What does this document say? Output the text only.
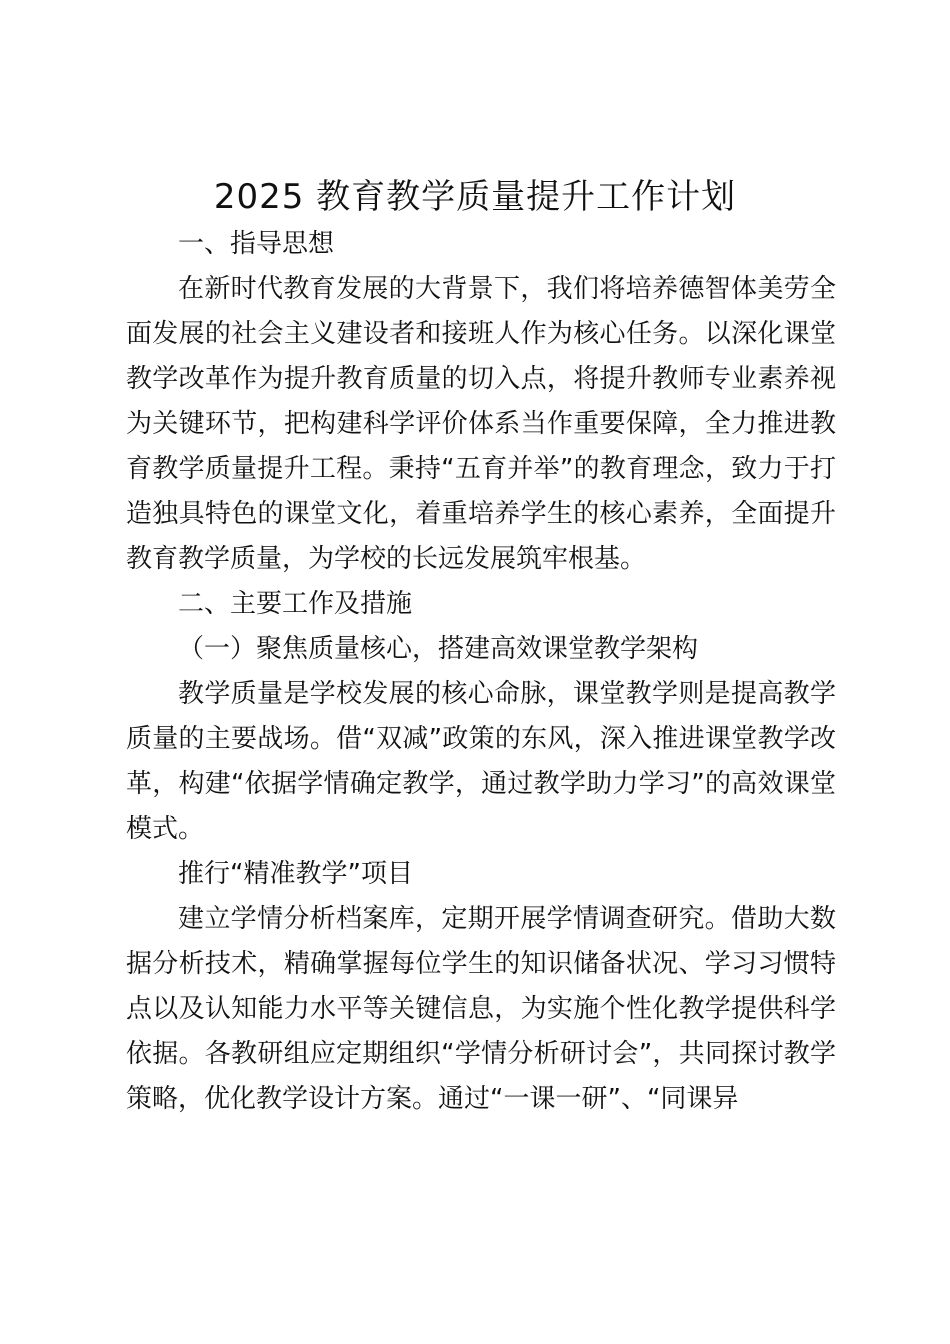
2025 教育教学质量提升工作计划

一、指导思想

在新时代教育发展的大背景下，我们将培养德智体美劳全面发展的社会主义建设者和接班人作为核心任务。以深化课堂教学改革作为提升教育质量的切入点，将提升教师专业素养视为关键环节，把构建科学评价体系当作重要保障，全力推进教育教学质量提升工程。秉持“五育并举”的教育理念，致力于打造独具特色的课堂文化，着重培养学生的核心素养，全面提升教育教学质量，为学校的长远发展筑牢根基。

二、主要工作及措施

（一）聚焦质量核心，搭建高效课堂教学架构

教学质量是学校发展的核心命脉，课堂教学则是提高教学质量的主要战场。借“双减”政策的东风，深入推进课堂教学改革，构建“依据学情确定教学，通过教学助力学习”的高效课堂模式。

推行“精准教学”项目

建立学情分析档案库，定期开展学情调查研究。借助大数据分析技术，精确掌握每位学生的知识储备状况、学习习惯特点以及认知能力水平等关键信息，为实施个性化教学提供科学依据。各教研组应定期组织“学情分析研讨会”，共同探讨教学策略，优化教学设计方案。通过“一课一研”、“同课异
